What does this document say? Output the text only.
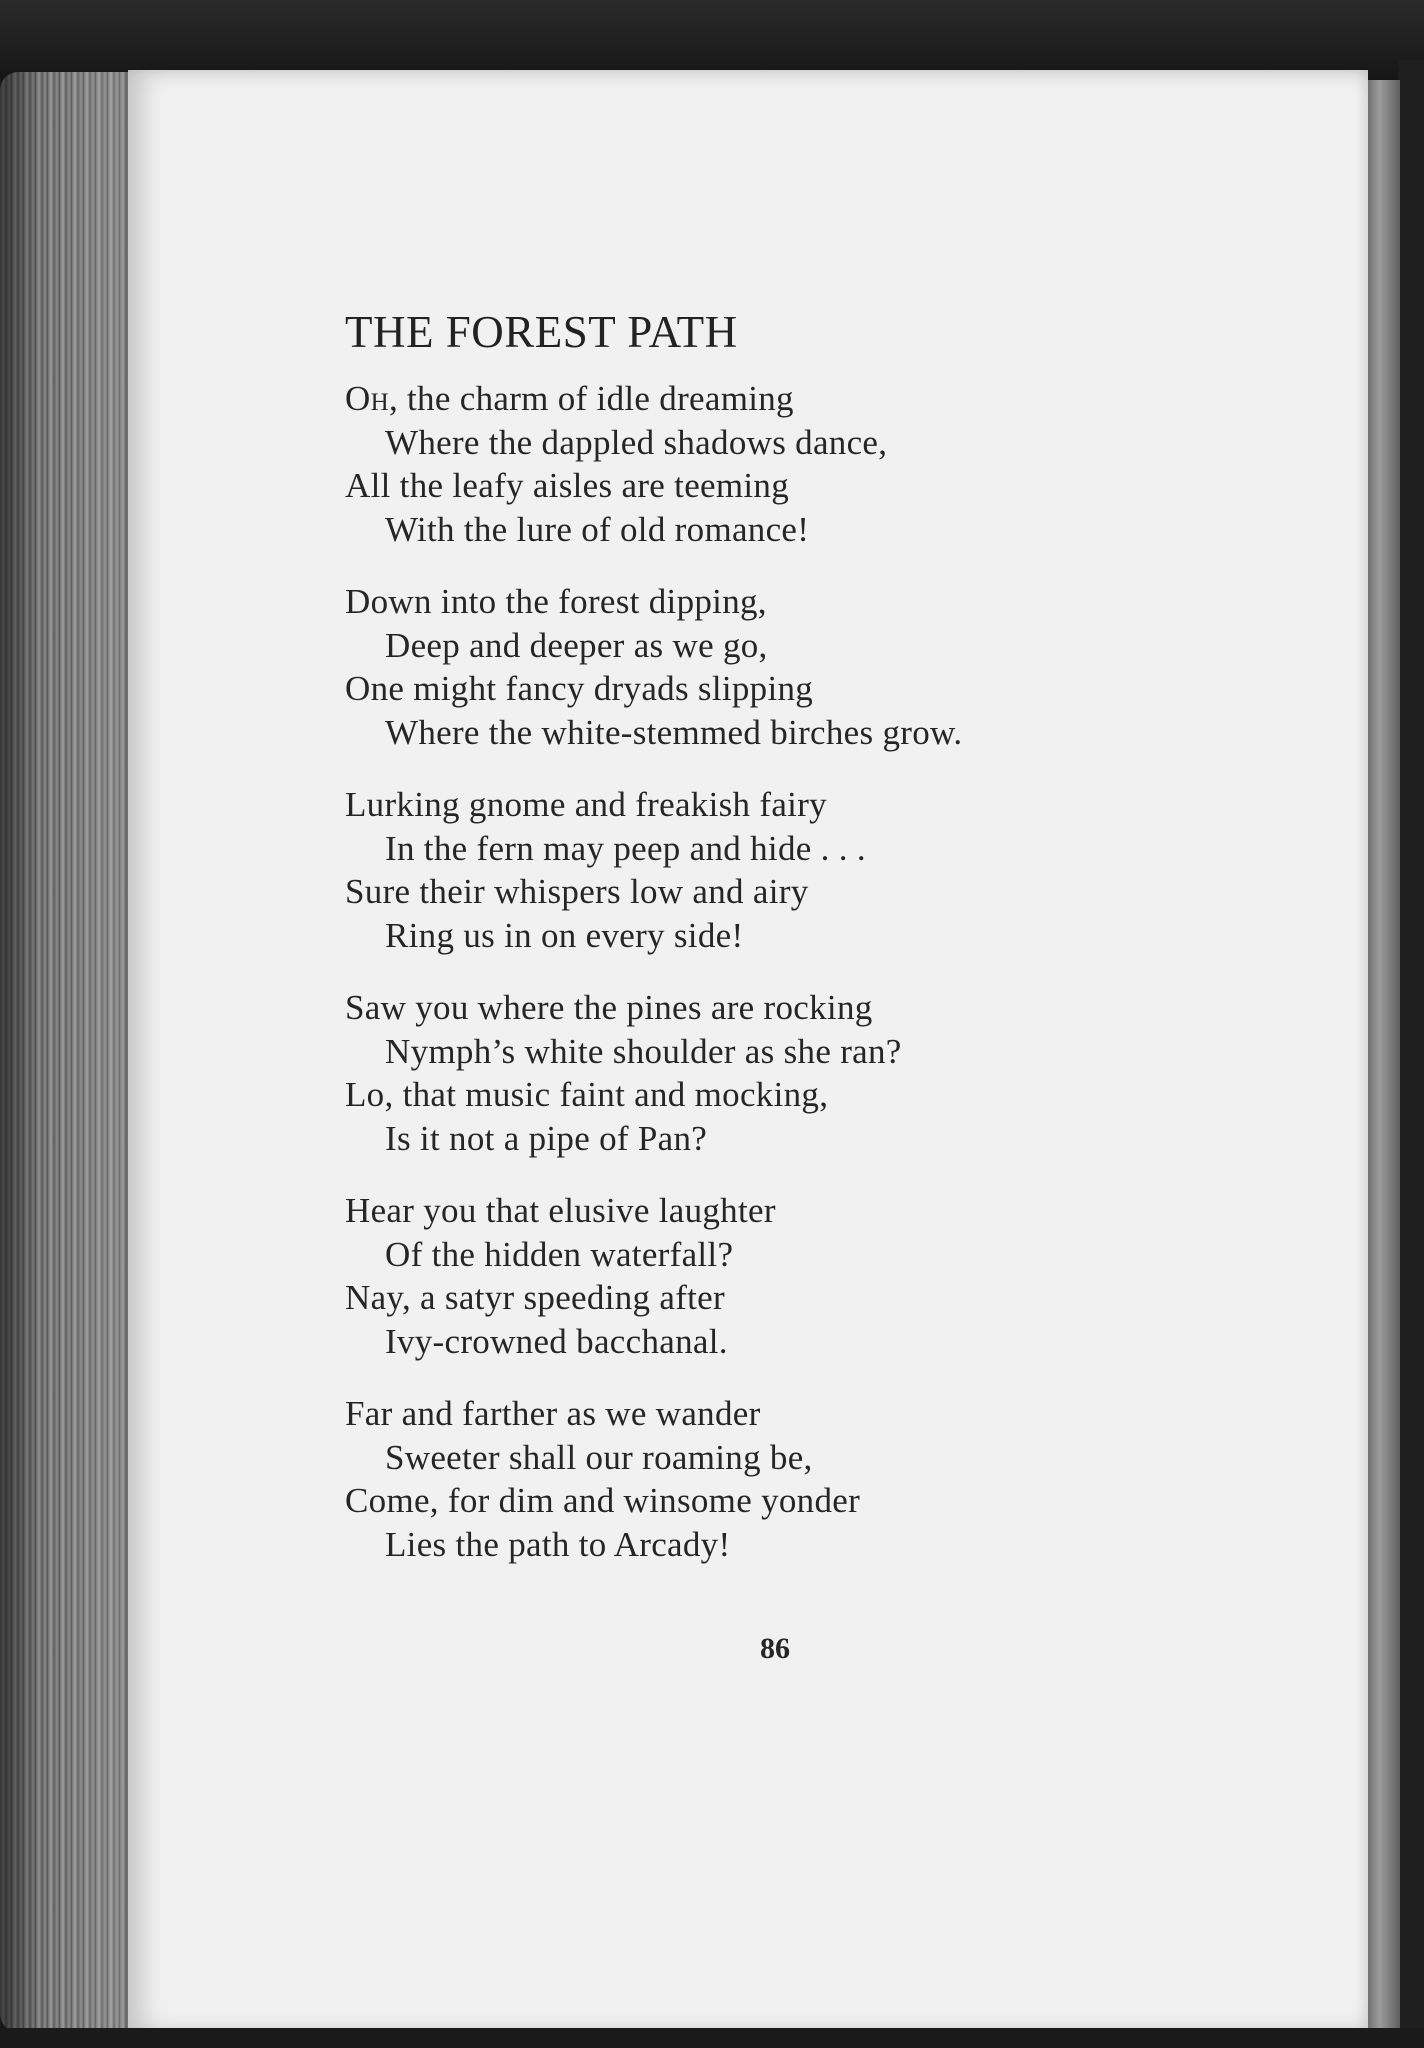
THE FOREST PATH

Oh, the charm of idle dreaming

Where the dappled shadows dance,

All the leafy aisles are teeming

With the lure of old romance!

Down into the forest dipping,

Deep and deeper as we go,

One might fancy dryads slipping

Where the white-stemmed birches grow.

Lurking gnome and freakish fairy

In the fern may peep and hide . . .

Sure their whispers low and airy

Ring us in on every side!

Saw you where the pines are rocking

Nymph’s white shoulder as she ran?

Lo, that music faint and mocking,

Is it not a pipe of Pan?

Hear you that elusive laughter

Of the hidden waterfall?

Nay, a satyr speeding after

Ivy-crowned bacchanal.

Far and farther as we wander

Sweeter shall our roaming be,

Come, for dim and winsome yonder

Lies the path to Arcady!

86
